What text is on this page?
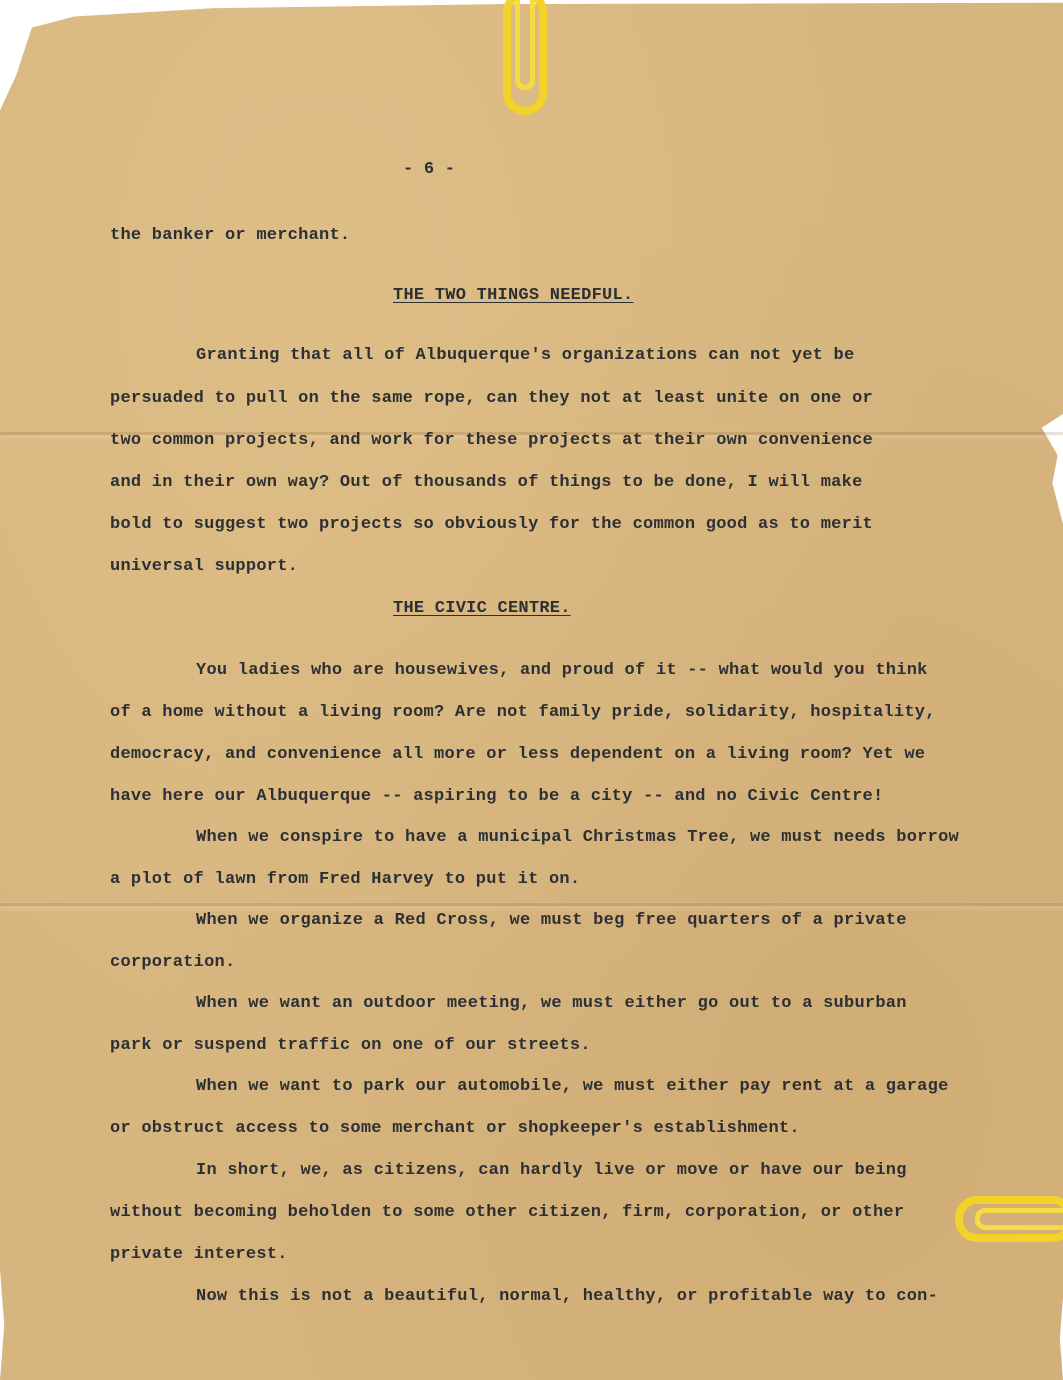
- 6 -

the banker or merchant.

THE TWO THINGS NEEDFUL.

Granting that all of Albuquerque's organizations can not yet be

persuaded to pull on the same rope, can they not at least unite on one or

two common projects, and work for these projects at their own convenience

and in their own way? Out of thousands of things to be done, I will make

bold to suggest two projects so obviously for the common good as to merit

universal support.

THE CIVIC CENTRE.

You ladies who are housewives, and proud of it -- what would you think

of a home without a living room? Are not family pride, solidarity, hospitality,

democracy, and convenience all more or less dependent on a living room? Yet we

have here our Albuquerque -- aspiring to be a city -- and no Civic Centre!

When we conspire to have a municipal Christmas Tree, we must needs borrow

a plot of lawn from Fred Harvey to put it on.

When we organize a Red Cross, we must beg free quarters of a private

corporation.

When we want an outdoor meeting, we must either go out to a suburban

park or suspend traffic on one of our streets.

When we want to park our automobile, we must either pay rent at a garage

or obstruct access to some merchant or shopkeeper's establishment.

In short, we, as citizens, can hardly live or move or have our being

without becoming beholden to some other citizen, firm, corporation, or other

private interest.

Now this is not a beautiful, normal, healthy, or profitable way to con-
